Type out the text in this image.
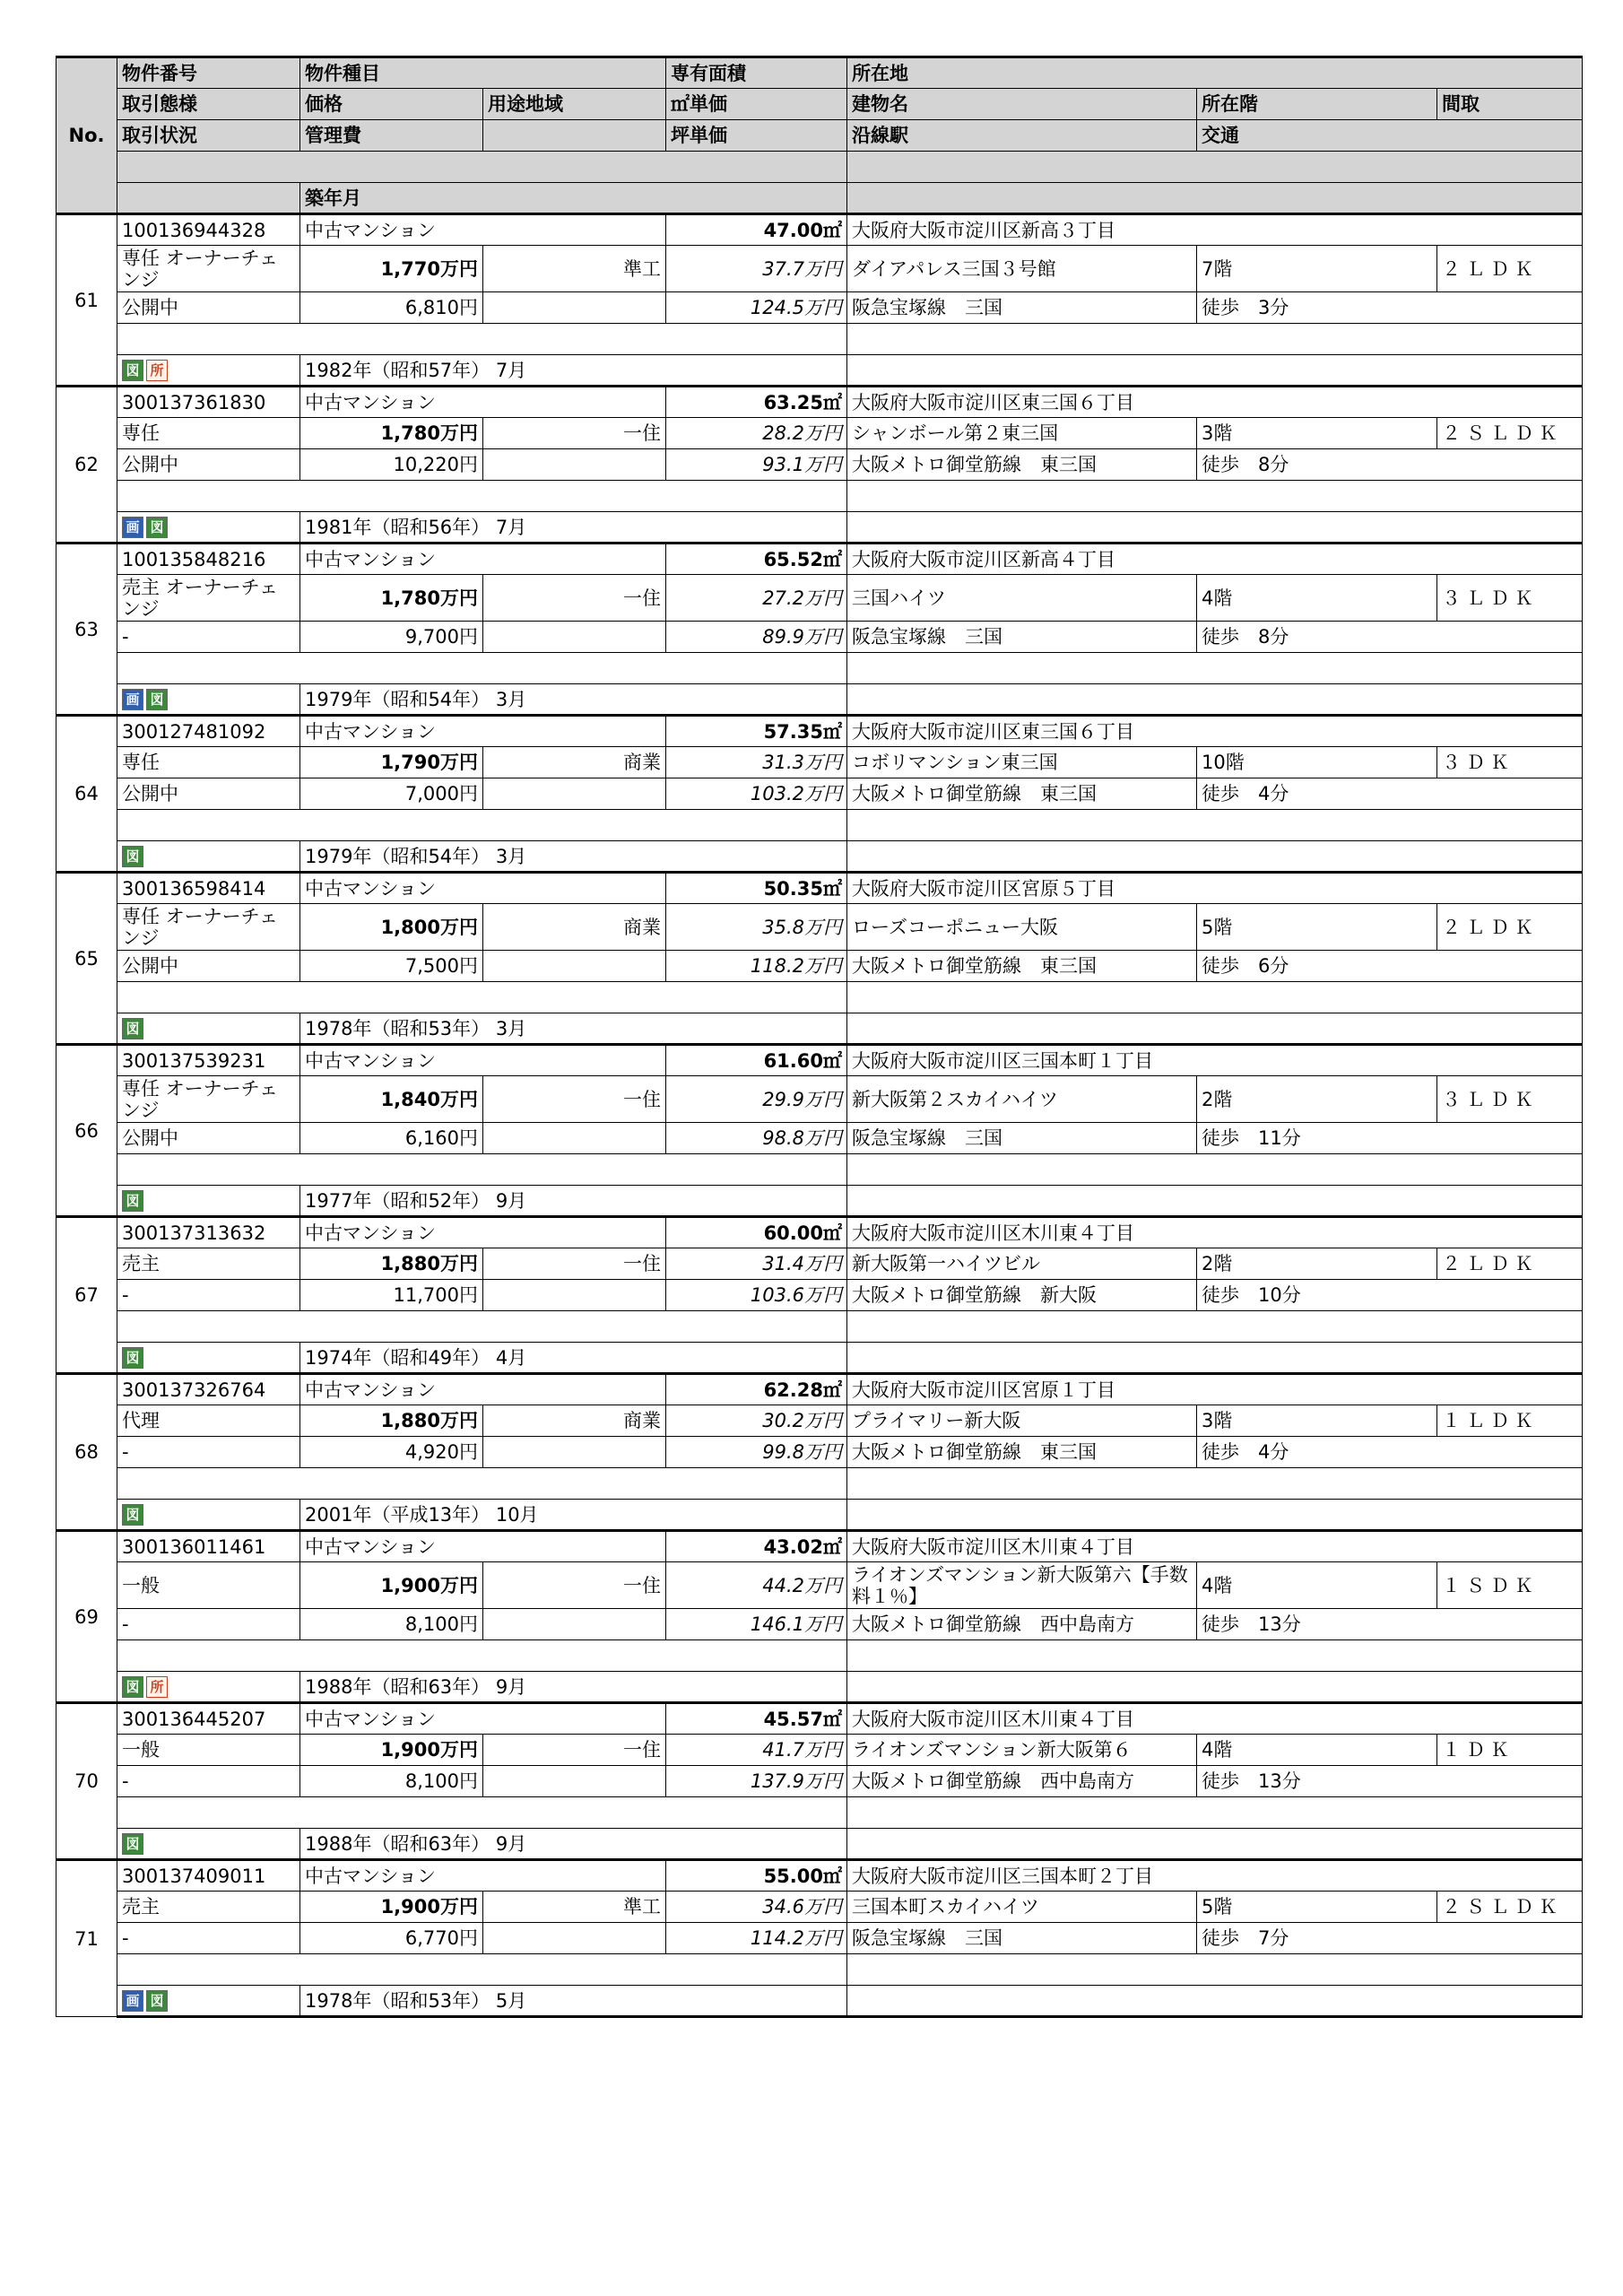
No.	物件番号	物件種目		専有面積	所在地		
	取引態様	価格	用途地域	㎡単価	建物名	所在階	間取
	取引状況	管理費		坪単価	沿線駅	交通	

		築年月					
61	100136944328	中古マンション		47.00㎡	大阪府大阪市淀川区新高３丁目		
	専任 オーナーチェンジ	1,770万円	準工	37.7万円	ダイアパレス三国３号館	7階	２ＬＤＫ
	公開中	6,810円		124.5万円	阪急宝塚線　三国	徒歩　3分	

	図 所	1982年（昭和57年） 7月					
62	300137361830	中古マンション		63.25㎡	大阪府大阪市淀川区東三国６丁目		
	専任	1,780万円	一住	28.2万円	シャンボール第２東三国	3階	２ＳＬＤＫ
	公開中	10,220円		93.1万円	大阪メトロ御堂筋線　東三国	徒歩　8分	

	画 図	1981年（昭和56年） 7月					
63	100135848216	中古マンション		65.52㎡	大阪府大阪市淀川区新高４丁目		
	売主 オーナーチェンジ	1,780万円	一住	27.2万円	三国ハイツ	4階	３ＬＤＫ
	-	9,700円		89.9万円	阪急宝塚線　三国	徒歩　8分	

	画 図	1979年（昭和54年） 3月					
64	300127481092	中古マンション		57.35㎡	大阪府大阪市淀川区東三国６丁目		
	専任	1,790万円	商業	31.3万円	コボリマンション東三国	10階	３ＤＫ
	公開中	7,000円		103.2万円	大阪メトロ御堂筋線　東三国	徒歩　4分	

	図	1979年（昭和54年） 3月					
65	300136598414	中古マンション		50.35㎡	大阪府大阪市淀川区宮原５丁目		
	専任 オーナーチェンジ	1,800万円	商業	35.8万円	ローズコーポニュー大阪	5階	２ＬＤＫ
	公開中	7,500円		118.2万円	大阪メトロ御堂筋線　東三国	徒歩　6分	

	図	1978年（昭和53年） 3月					
66	300137539231	中古マンション		61.60㎡	大阪府大阪市淀川区三国本町１丁目		
	専任 オーナーチェンジ	1,840万円	一住	29.9万円	新大阪第２スカイハイツ	2階	３ＬＤＫ
	公開中	6,160円		98.8万円	阪急宝塚線　三国	徒歩　11分	

	図	1977年（昭和52年） 9月					
67	300137313632	中古マンション		60.00㎡	大阪府大阪市淀川区木川東４丁目		
	売主	1,880万円	一住	31.4万円	新大阪第一ハイツビル	2階	２ＬＤＫ
	-	11,700円		103.6万円	大阪メトロ御堂筋線　新大阪	徒歩　10分	

	図	1974年（昭和49年） 4月					
68	300137326764	中古マンション		62.28㎡	大阪府大阪市淀川区宮原１丁目		
	代理	1,880万円	商業	30.2万円	プライマリー新大阪	3階	１ＬＤＫ
	-	4,920円		99.8万円	大阪メトロ御堂筋線　東三国	徒歩　4分	

	図	2001年（平成13年） 10月					
69	300136011461	中古マンション		43.02㎡	大阪府大阪市淀川区木川東４丁目		
	一般	1,900万円	一住	44.2万円	ライオンズマンション新大阪第六【手数料１％】	4階	１ＳＤＫ
	-	8,100円		146.1万円	大阪メトロ御堂筋線　西中島南方	徒歩　13分	

	図 所	1988年（昭和63年） 9月					
70	300136445207	中古マンション		45.57㎡	大阪府大阪市淀川区木川東４丁目		
	一般	1,900万円	一住	41.7万円	ライオンズマンション新大阪第６	4階	１ＤＫ
	-	8,100円		137.9万円	大阪メトロ御堂筋線　西中島南方	徒歩　13分	

	図	1988年（昭和63年） 9月					
71	300137409011	中古マンション		55.00㎡	大阪府大阪市淀川区三国本町２丁目		
	売主	1,900万円	準工	34.6万円	三国本町スカイハイツ	5階	２ＳＬＤＫ
	-	6,770円		114.2万円	阪急宝塚線　三国	徒歩　7分	

	画 図	1978年（昭和53年） 5月					
